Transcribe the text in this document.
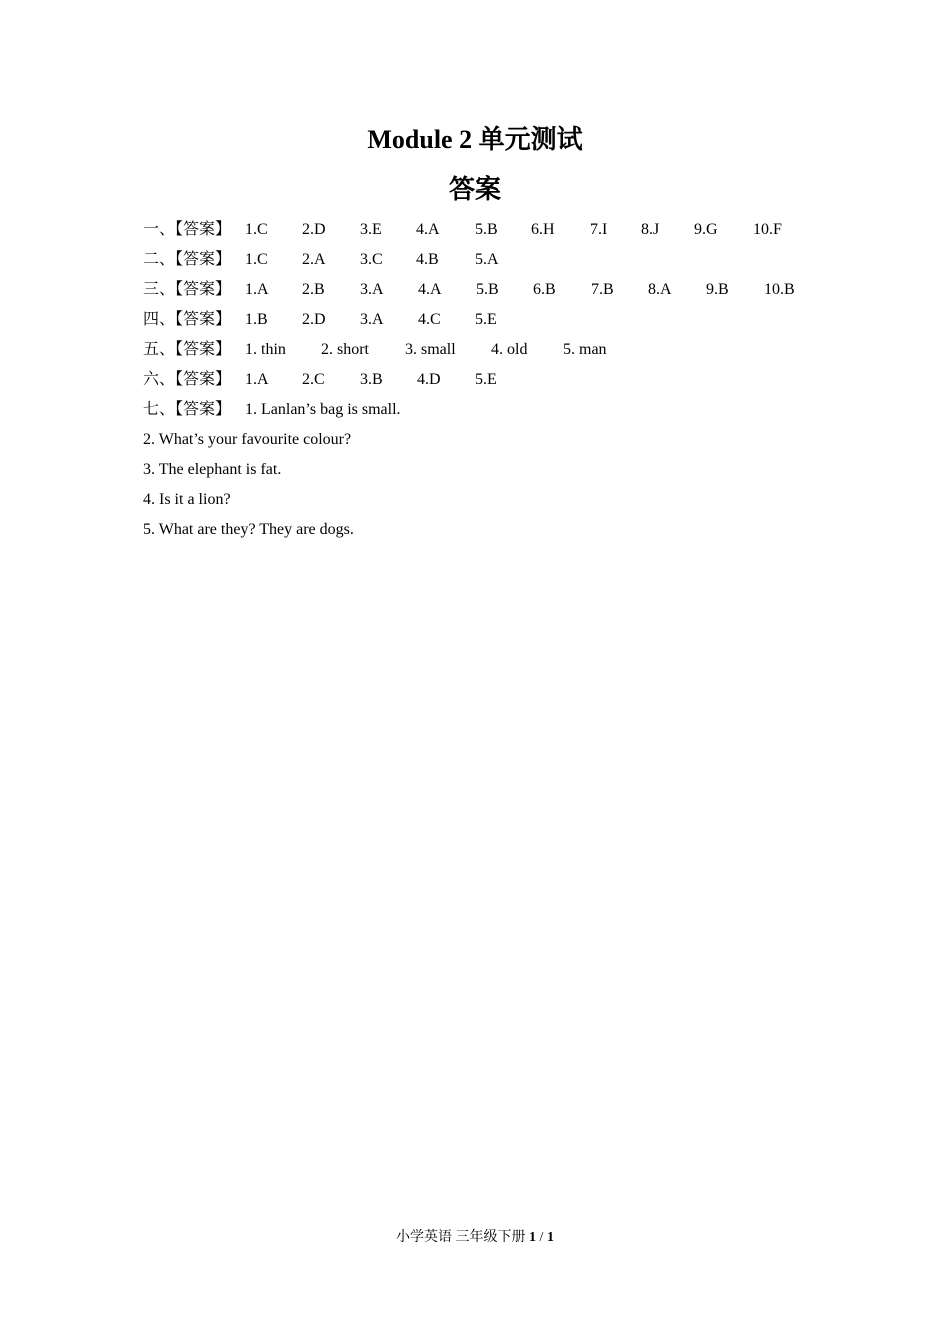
Module 2 单元测试
答案
一、【答案】 1.C 2.D 3.E 4.A 5.B 6.H 7.I 8.J 9.G 10.F
二、【答案】 1.C 2.A 3.C 4.B 5.A
三、【答案】 1.A 2.B 3.A 4.A 5.B 6.B 7.B 8.A 9.B 10.B
四、【答案】 1.B 2.D 3.A 4.C 5.E
五、【答案】 1. thin 2. short 3. small 4. old 5. man
六、【答案】 1.A 2.C 3.B 4.D 5.E
七、【答案】 1. Lanlan’s bag is small.
2. What’s your favourite colour?
3. The elephant is fat.
4. Is it a lion?
5. What are they? They are dogs.
小学英语 三年级下册 1 / 1
